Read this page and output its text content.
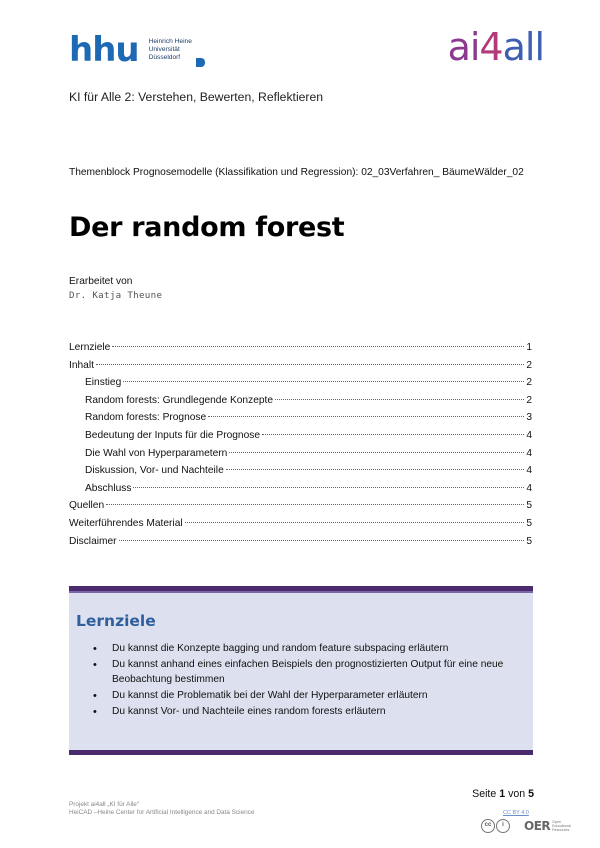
hhu Heinrich Heine
Universität
Düsseldorf	ai4all
KI für Alle 2: Verstehen, Bewerten, Reflektieren
Themenblock Prognosemodelle (Klassifikation und Regression): 02_03Verfahren_ BäumeWälder_02
Der random forest
Erarbeitet von
Dr. Katja Theune
Lernziele	1
Inhalt	2
Einstieg	2
Random forests: Grundlegende Konzepte	2
Random forests: Prognose	3
Bedeutung der Inputs für die Prognose	4
Die Wahl von Hyperparametern	4
Diskussion, Vor- und Nachteile	4
Abschluss	4
Quellen	5
Weiterführendes Material	5
Disclaimer	5
Lernziele
• Du kannst die Konzepte bagging und random feature subspacing erläutern
• Du kannst anhand eines einfachen Beispiels den prognostizierten Output für eine neue Beobachtung bestimmen
• Du kannst die Problematik bei der Wahl der Hyperparameter erläutern
• Du kannst Vor- und Nachteile eines random forests erläutern
Seite 1 von 5
Projekt ai4all „KI für Alle“
HeiCAD –Heine Center for Artificial Intelligence and Data Science	CC BY 4.0
cc	i	OER Open
Educational
Resources
